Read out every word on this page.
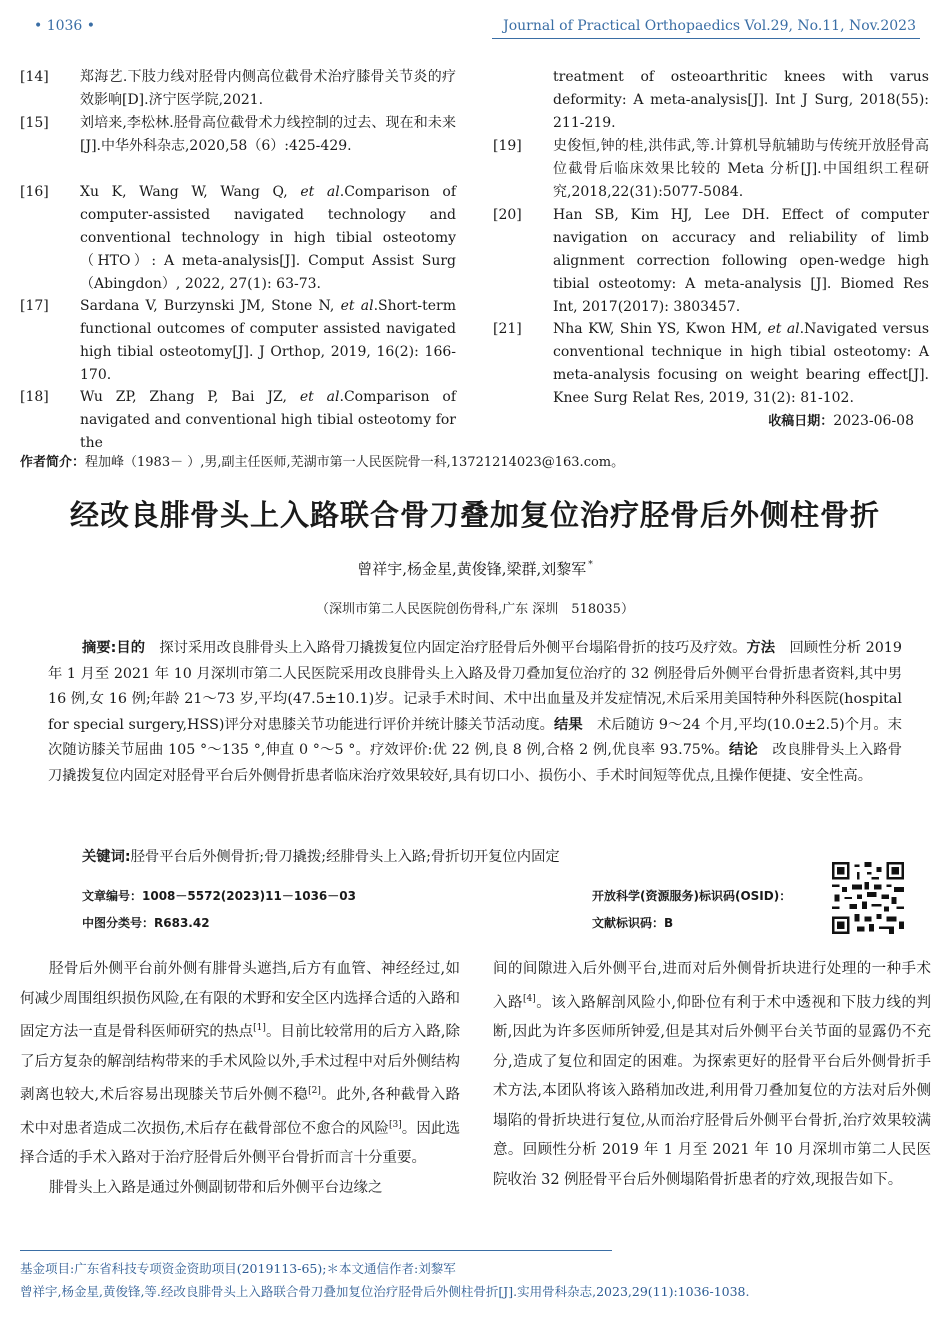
• 1036 •	Journal of Practical Orthopaedics Vol.29, No.11, Nov.2023
[14]	郑海艺.下肢力线对胫骨内侧高位截骨术治疗膝骨关节炎的疗效影响[D].济宁医学院,2021.
[15]	刘培来,李松林.胫骨高位截骨术力线控制的过去、现在和未来[J].中华外科杂志,2020,58（6）:425-429.
[16]	Xu K, Wang W, Wang Q, et al.Comparison of computer-assisted navigated technology and conventional technology in high tibial osteotomy（HTO）: A meta-analysis[J]. Comput Assist Surg（Abingdon）, 2022, 27(1): 63-73.
[17]	Sardana V, Burzynski JM, Stone N, et al.Short-term functional outcomes of computer assisted navigated high tibial osteotomy[J]. J Orthop, 2019, 16(2): 166-170.
[18]	Wu ZP, Zhang P, Bai JZ, et al.Comparison of navigated and conventional high tibial osteotomy for the
treatment of osteoarthritic knees with varus deformity: A meta-analysis[J]. Int J Surg, 2018(55): 211-219.
[19]	史俊恒,钟的桂,洪伟武,等.计算机导航辅助与传统开放胫骨高位截骨后临床效果比较的 Meta 分析[J].中国组织工程研究,2018,22(31):5077-5084.
[20]	Han SB, Kim HJ, Lee DH. Effect of computer navigation on accuracy and reliability of limb alignment correction following open-wedge high tibial osteotomy: A meta-analysis [J]. Biomed Res Int, 2017(2017): 3803457.
[21]	Nha KW, Shin YS, Kwon HM, et al.Navigated versus conventional technique in high tibial osteotomy: A meta-analysis focusing on weight bearing effect[J]. Knee Surg Relat Res, 2019, 31(2): 81-102.
收稿日期：2023-06-08
作者简介：程加峰（1983－ ）,男,副主任医师,芜湖市第一人民医院骨一科,13721214023@163.com。
经改良腓骨头上入路联合骨刀叠加复位治疗胫骨后外侧柱骨折
曾祥宇,杨金星,黄俊锋,梁群,刘黎军 *
（深圳市第二人民医院创伤骨科,广东 深圳　518035）
摘要:目的　探讨采用改良腓骨头上入路骨刀撬拨复位内固定治疗胫骨后外侧平台塌陷骨折的技巧及疗效。方法　回顾性分析 2019 年 1 月至 2021 年 10 月深圳市第二人民医院采用改良腓骨头上入路及骨刀叠加复位治疗的 32 例胫骨后外侧平台骨折患者资料,其中男 16 例,女 16 例;年龄 21～73 岁,平均(47.5±10.1)岁。记录手术时间、术中出血量及并发症情况,术后采用美国特种外科医院(hospital for special surgery,HSS)评分对患膝关节功能进行评价并统计膝关节活动度。结果　术后随访 9～24 个月,平均(10.0±2.5)个月。末次随访膝关节屈曲 105 °～135 °,伸直 0 °～5 °。疗效评价:优 22 例,良 8 例,合格 2 例,优良率 93.75%。结论　改良腓骨头上入路骨刀撬拨复位内固定对胫骨平台后外侧骨折患者临床治疗效果较好,具有切口小、损伤小、手术时间短等优点,且操作便捷、安全性高。
关键词:胫骨平台后外侧骨折;骨刀撬拨;经腓骨头上入路;骨折切开复位内固定
文章编号：1008－5572(2023)11－1036－03
中图分类号：R683.42
开放科学(资源服务)标识码(OSID)：
文献标识码：B

胫骨后外侧平台前外侧有腓骨头遮挡,后方有血管、神经经过,如何减少周围组织损伤风险,在有限的术野和安全区内选择合适的入路和固定方法一直是骨科医师研究的热点[1]。目前比较常用的后方入路,除了后方复杂的解剖结构带来的手术风险以外,手术过程中对后外侧结构剥离也较大,术后容易出现膝关节后外侧不稳[2]。此外,各种截骨入路术中对患者造成二次损伤,术后存在截骨部位不愈合的风险[3]。因此选择合适的手术入路对于治疗胫骨后外侧平台骨折而言十分重要。

腓骨头上入路是通过外侧副韧带和后外侧平台边缘之

间的间隙进入后外侧平台,进而对后外侧骨折块进行处理的一种手术入路[4]。该入路解剖风险小,仰卧位有利于术中透视和下肢力线的判断,因此为许多医师所钟爱,但是其对后外侧平台关节面的显露仍不充分,造成了复位和固定的困难。为探索更好的胫骨平台后外侧骨折手术方法,本团队将该入路稍加改进,利用骨刀叠加复位的方法对后外侧塌陷的骨折块进行复位,从而治疗胫骨后外侧平台骨折,治疗效果较满意。回顾性分析 2019 年 1 月至 2021 年 10 月深圳市第二人民医院收治 32 例胫骨平台后外侧塌陷骨折患者的疗效,现报告如下。

基金项目:广东省科技专项资金资助项目(2019113-65);＊本文通信作者:刘黎军
曾祥宇,杨金星,黄俊锋,等.经改良腓骨头上入路联合骨刀叠加复位治疗胫骨后外侧柱骨折[J].实用骨科杂志,2023,29(11):1036-1038.
